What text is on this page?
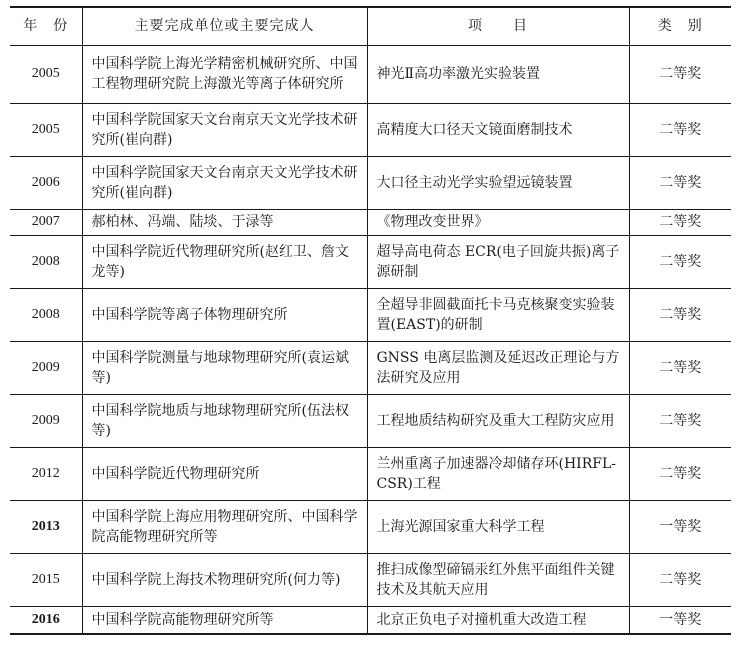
年　份	主要完成单位或主要完成人	项　　目	类　别
2005	中国科学院上海光学精密机械研究所、中国工程物理研究院上海激光等离子体研究所	神光Ⅱ高功率激光实验装置	二等奖
2005	中国科学院国家天文台南京天文光学技术研究所(崔向群)	高精度大口径天文镜面磨制技术	二等奖
2006	中国科学院国家天文台南京天文光学技术研究所(崔向群)	大口径主动光学实验望远镜装置	二等奖
2007	郝柏林、冯端、陆埮、于渌等	《物理改变世界》	二等奖
2008	中国科学院近代物理研究所(赵红卫、詹文龙等)	超导高电荷态 ECR(电子回旋共振)离子源研制	二等奖
2008	中国科学院等离子体物理研究所	全超导非圆截面托卡马克核聚变实验装置(EAST)的研制	二等奖
2009	中国科学院测量与地球物理研究所(袁运斌等)	GNSS 电离层监测及延迟改正理论与方法研究及应用	二等奖
2009	中国科学院地质与地球物理研究所(伍法权等)	工程地质结构研究及重大工程防灾应用	二等奖
2012	中国科学院近代物理研究所	兰州重离子加速器冷却储存环(HIRFL-CSR)工程	二等奖
2013	中国科学院上海应用物理研究所、中国科学院高能物理研究所等	上海光源国家重大科学工程	一等奖
2015	中国科学院上海技术物理研究所(何力等)	推扫成像型碲镉汞红外焦平面组件关键技术及其航天应用	二等奖
2016	中国科学院高能物理研究所等	北京正负电子对撞机重大改造工程	一等奖
